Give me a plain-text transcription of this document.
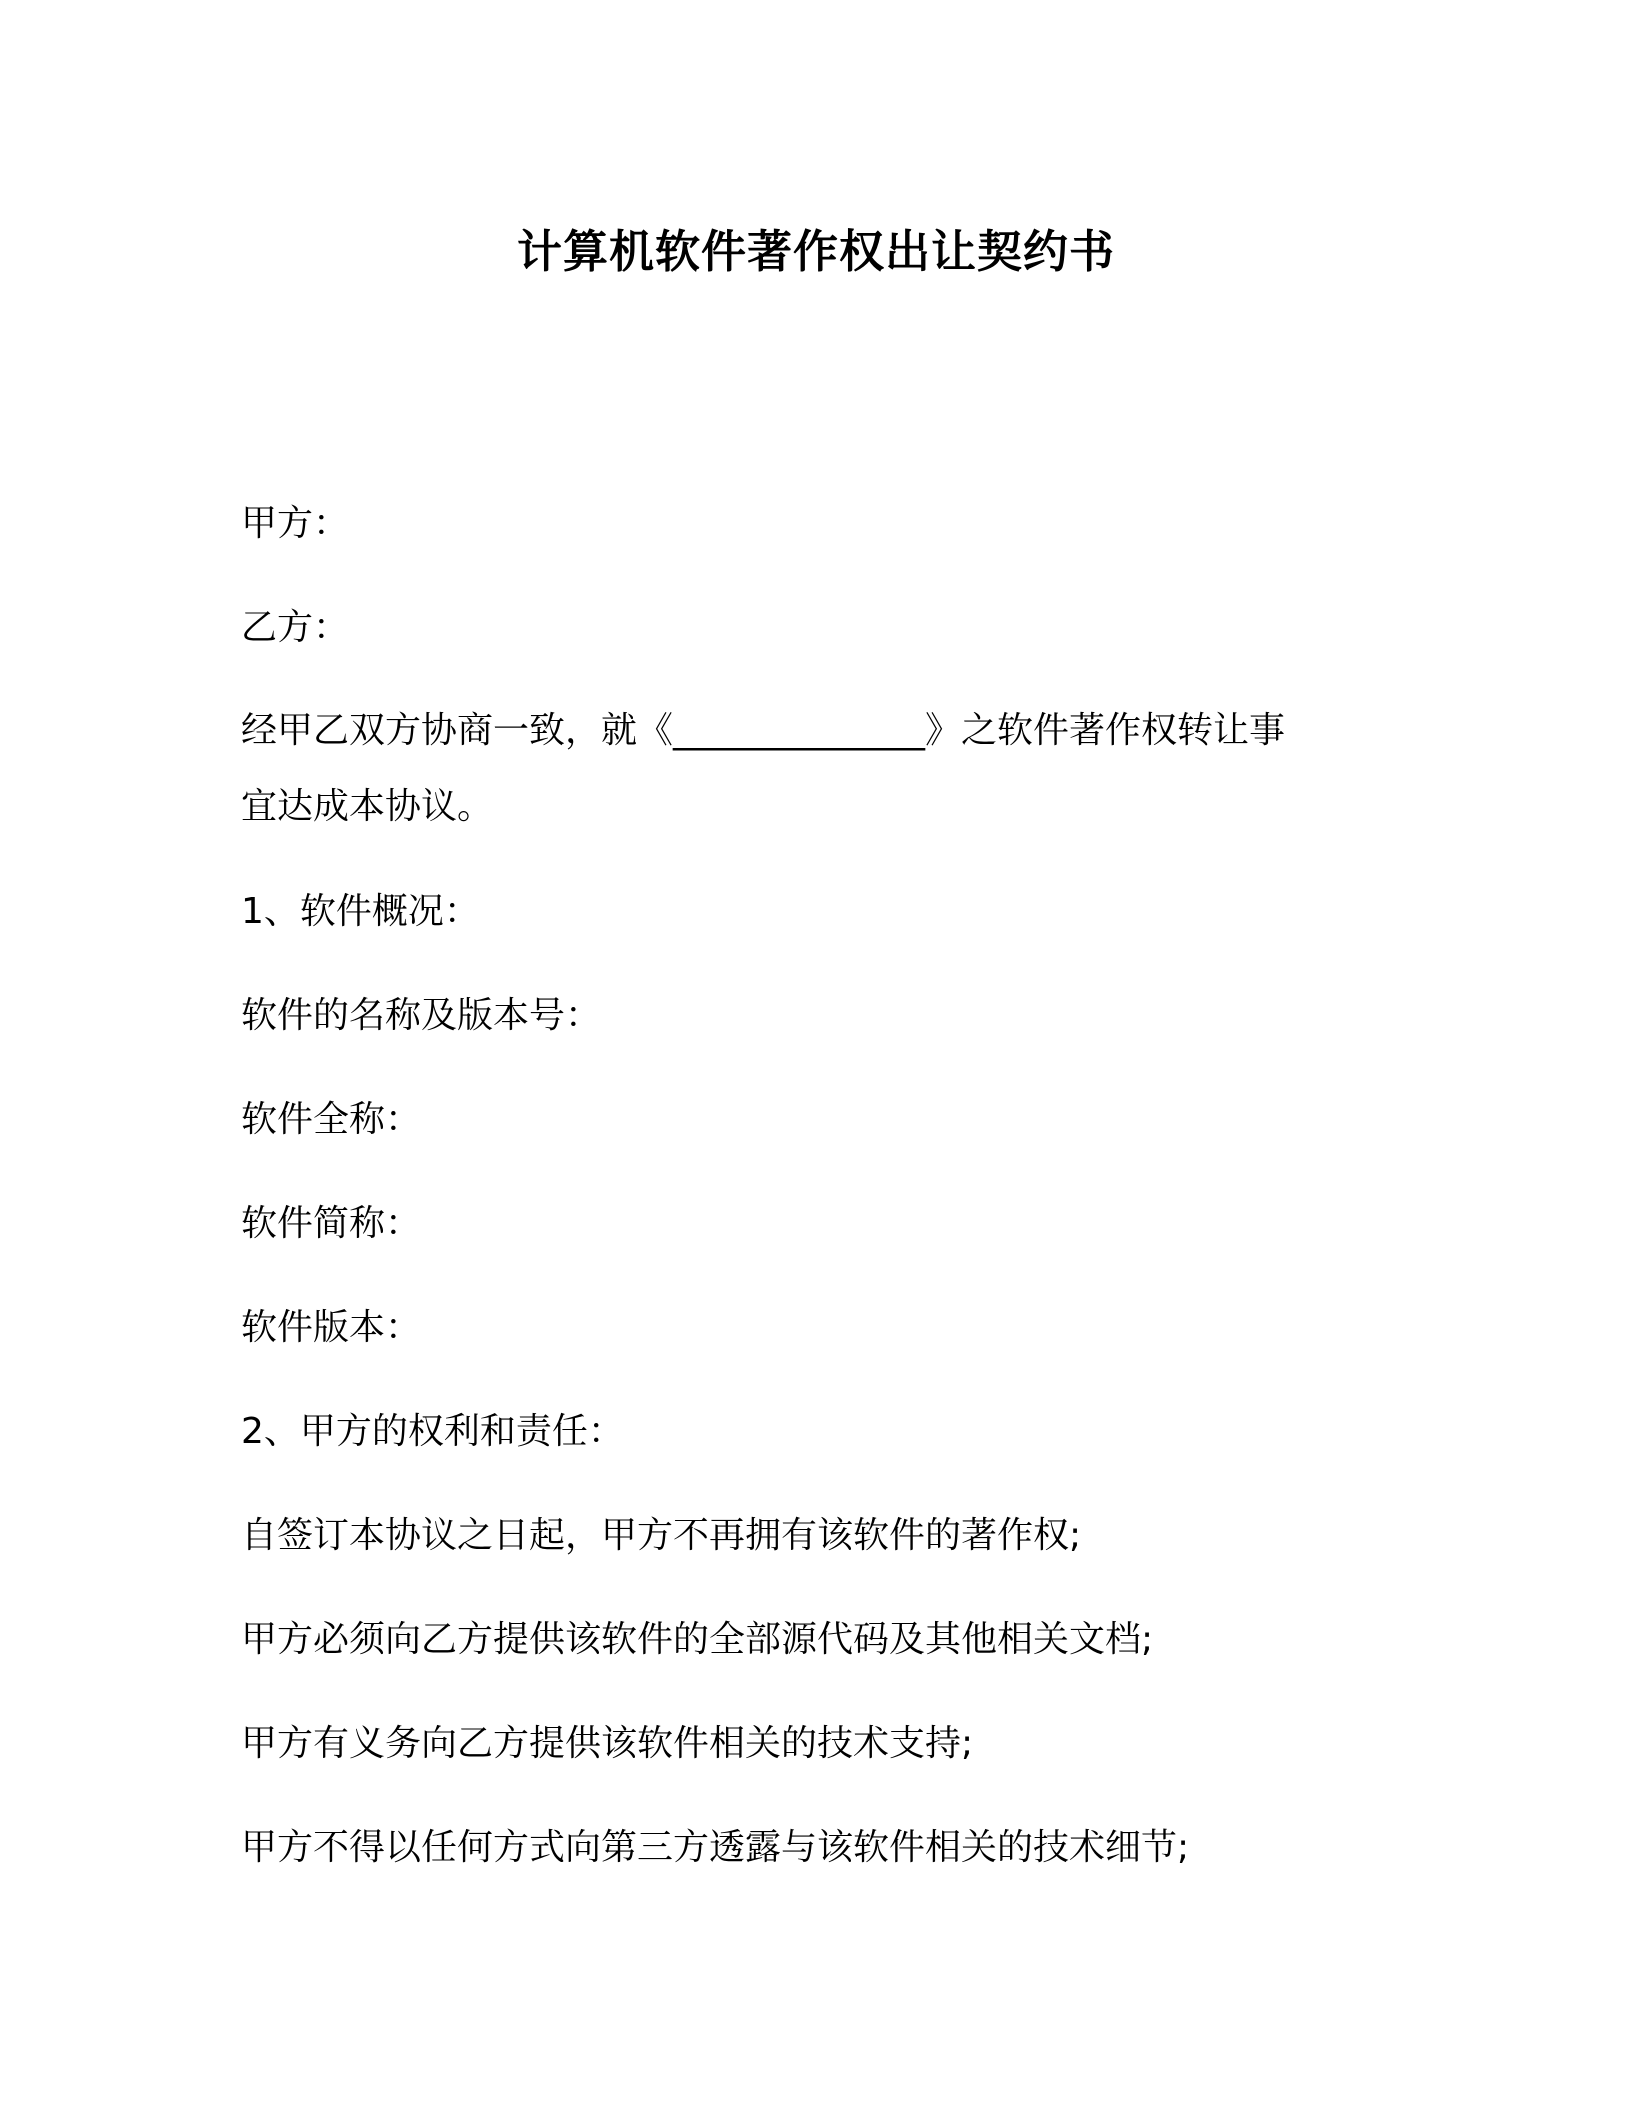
计算机软件著作权出让契约书
甲方：
乙方：
经甲乙双方协商一致，就《______________》之软件著作权转让事
宜达成本协议。
1、软件概况：
软件的名称及版本号：
软件全称：
软件简称：
软件版本：
2、甲方的权利和责任：
自签订本协议之日起，甲方不再拥有该软件的著作权;
甲方必须向乙方提供该软件的全部源代码及其他相关文档;
甲方有义务向乙方提供该软件相关的技术支持;
甲方不得以任何方式向第三方透露与该软件相关的技术细节;
